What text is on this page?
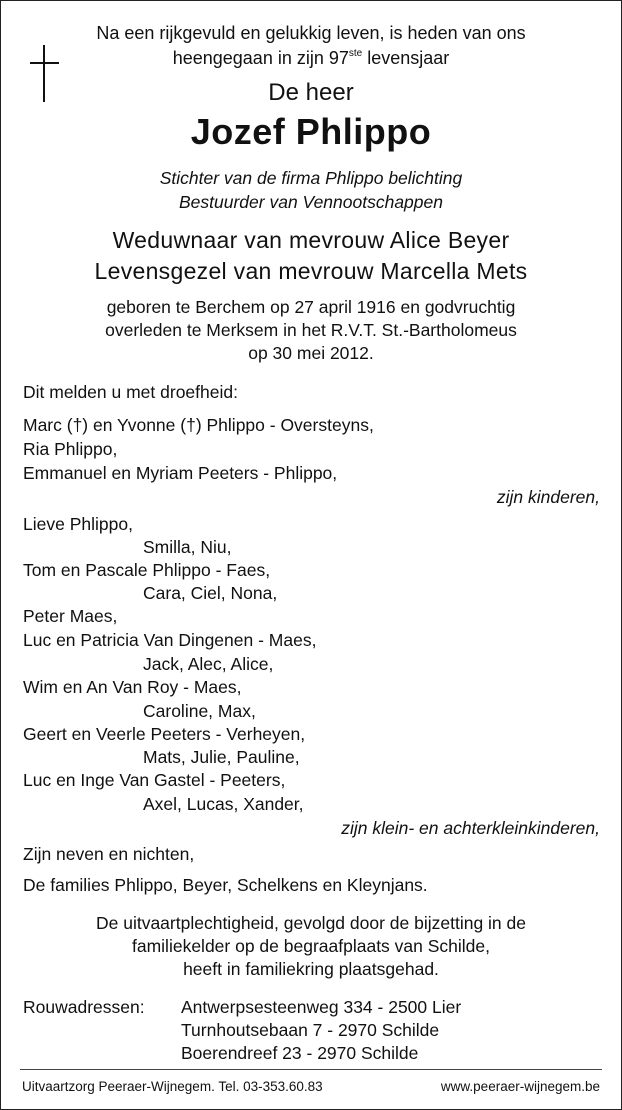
Na een rijkgevuld en gelukkig leven, is heden van ons
heengegaan in zijn 97ste levensjaar
De heer
Jozef Phlippo
Stichter van de firma Phlippo belichting
Bestuurder van Vennootschappen
Weduwnaar van mevrouw Alice Beyer
Levensgezel van mevrouw Marcella Mets
geboren te Berchem op 27 april 1916 en godvruchtig
overleden te Merksem in het R.V.T. St.-Bartholomeus
op 30 mei 2012.
Dit melden u met droefheid:
Marc (†) en Yvonne (†) Phlippo - Oversteyns,
Ria Phlippo,
Emmanuel en Myriam Peeters - Phlippo,
zijn kinderen,
Lieve Phlippo,
Smilla, Niu,
Tom en Pascale Phlippo - Faes,
Cara, Ciel, Nona,
Peter Maes,
Luc en Patricia Van Dingenen - Maes,
Jack, Alec, Alice,
Wim en An Van Roy - Maes,
Caroline, Max,
Geert en Veerle Peeters - Verheyen,
Mats, Julie, Pauline,
Luc en Inge Van Gastel - Peeters,
Axel, Lucas, Xander,
zijn klein- en achterkleinkinderen,
Zijn neven en nichten,
De families Phlippo, Beyer, Schelkens en Kleynjans.
De uitvaartplechtigheid, gevolgd door de bijzetting in de
familiekelder op de begraafplaats van Schilde,
heeft in familiekring plaatsgehad.
Rouwadressen: Antwerpsesteenweg 334 - 2500 Lier
Turnhoutsebaan 7 - 2970 Schilde
Boerendreef 23 - 2970 Schilde
Uitvaartzorg Peeraer-Wijnegem. Tel. 03-353.60.83	www.peeraer-wijnegem.be
